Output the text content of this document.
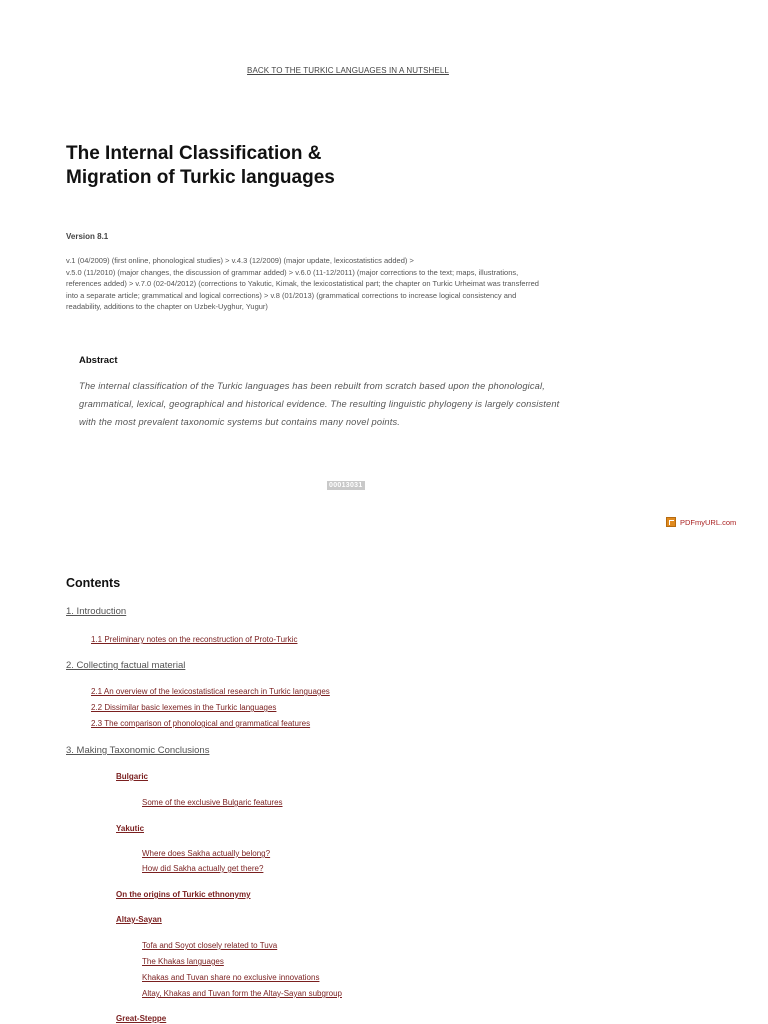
BACK TO THE TURKIC LANGUAGES IN A NUTSHELL
The Internal Classification &
Migration of Turkic languages
Version 8.1
v.1 (04/2009) (first online, phonological studies) > v.4.3 (12/2009) (major update, lexicostatistics added) >
v.5.0 (11/2010) (major changes, the discussion of grammar added) > v.6.0 (11-12/2011) (major corrections to the text; maps, illustrations,
references added) > v.7.0 (02-04/2012) (corrections to Yakutic, Kimak, the lexicostatistical part; the chapter on Turkic Urheimat was transferred
into a separate article; grammatical and logical corrections) > v.8 (01/2013) (grammatical corrections to increase logical consistency and
readability, additions to the chapter on Uzbek-Uyghur, Yugur)
Abstract
The internal classification of the Turkic languages has been rebuilt from scratch based upon the phonological,
grammatical, lexical, geographical and historical evidence. The resulting linguistic phylogeny is largely consistent
with the most prevalent taxonomic systems but contains many novel points.
00013031
PDFmyURL.com
Contents
1. Introduction
1.1 Preliminary notes on the reconstruction of Proto-Turkic
2. Collecting factual material
2.1 An overview of the lexicostatistical research in Turkic languages
2.2 Dissimilar basic lexemes in the Turkic languages
2.3 The comparison of phonological and grammatical features
3. Making Taxonomic Conclusions
Bulgaric
Some of the exclusive Bulgaric features
Yakutic
Where does Sakha actually belong?
How did Sakha actually get there?
On the origins of Turkic ethnonymy
Altay-Sayan
Tofa and Soyot closely related to Tuva
The Khakas languages
Khakas and Tuvan share no exclusive innovations
Altay, Khakas and Tuvan form the Altay-Sayan subgroup
Great-Steppe
